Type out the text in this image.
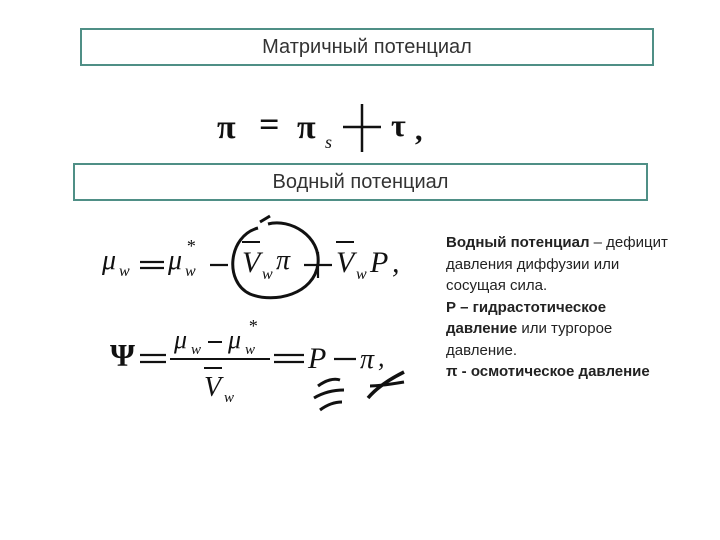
Матричный потенциал
π = π s τ ,
Водный потенциал
μ w μ w
* V w π V w P ,
Ψ μ w μ w
*
V w
P π ,
Водный потенциал – дефицит давления диффузии или сосущая сила.
Р – гидрастотическое давление или тургорое давление.
π - осмотическое давление
